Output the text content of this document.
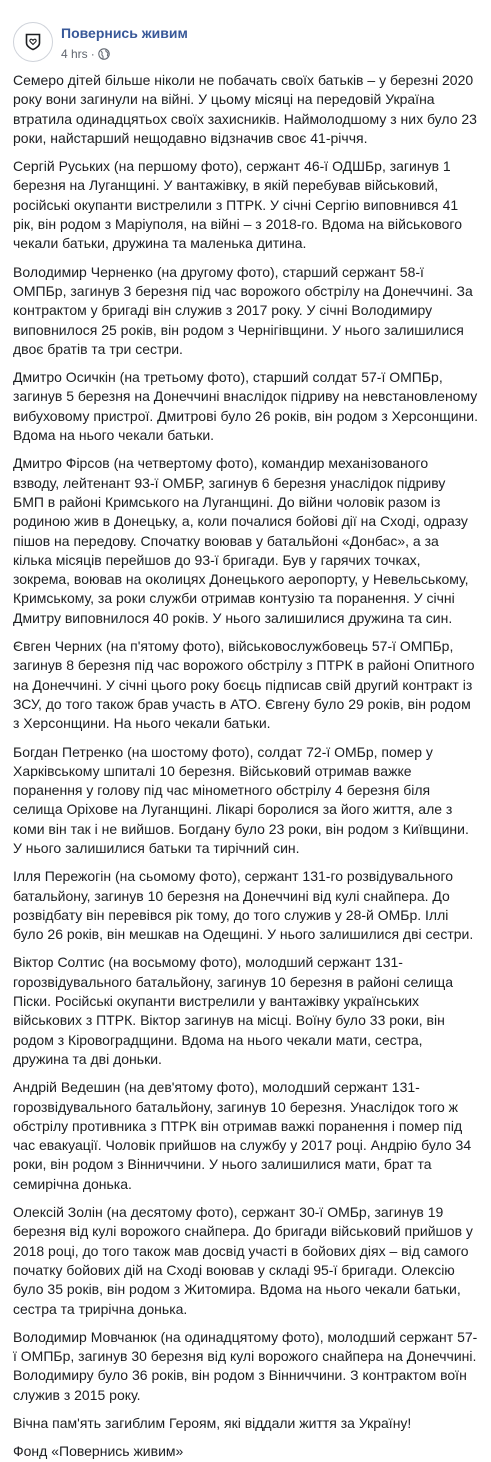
Повернись живим
4 hrs ·

Семеро дітей більше ніколи не побачать своїх батьків – у березні 2020 року вони загинули на війні. У цьому місяці на передовій Україна втратила одинадцятьох своїх захисників. Наймолодшому з них було 23 роки, найстарший нещодавно відзначив своє 41-річчя.

Сергій Руських (на першому фото), сержант 46-ї ОДШБр, загинув 1 березня на Луганщині. У вантажівку, в якій перебував військовий, російські окупанти вистрелили з ПТРК. У січні Сергію виповнився 41 рік, він родом з Маріуполя, на війні – з 2018-го. Вдома на військового чекали батьки, дружина та маленька дитина.

Володимир Черненко (на другому фото), старший сержант 58-ї ОМПБр, загинув 3 березня під час ворожого обстрілу на Донеччині. За контрактом у бригаді він служив з 2017 року. У січні Володимиру виповнилося 25 років, він родом з Чернігівщини. У нього залишилися двоє братів та три сестри.

Дмитро Осичкін (на третьому фото), старший солдат 57-ї ОМПБр, загинув 5 березня на Донеччині внаслідок підриву на невстановленому вибуховому пристрої. Дмитрові було 26 років, він родом з Херсонщини. Вдома на нього чекали батьки.

Дмитро Фірсов (на четвертому фото), командир механізованого взводу, лейтенант 93-ї ОМБР, загинув 6 березня унаслідок підриву БМП в районі Кримського на Луганщині. До війни чоловік разом із родиною жив в Донецьку, а, коли почалися бойові дії на Сході, одразу пішов на передову. Спочатку воював у батальйоні «Донбас», а за кілька місяців перейшов до 93-ї бригади. Був у гарячих точках, зокрема, воював на околицях Донецького аеропорту, у Невельському, Кримському, за роки служби отримав контузію та поранення. У січні Дмитру виповнилося 40 років. У нього залишилися дружина та син.

Євген Черних (на п'ятому фото), військовослужбовець 57-ї ОМПБр, загинув 8 березня під час ворожого обстрілу з ПТРК в районі Опитного на Донеччині. У січні цього року боєць підписав свій другий контракт із ЗСУ, до того також брав участь в АТО. Євгену було 29 років, він родом з Херсонщини. На нього чекали батьки.

Богдан Петренко (на шостому фото), солдат 72-ї ОМБр, помер у Харківському шпиталі 10 березня. Військовий отримав важке поранення у голову під час мінометного обстрілу 4 березня біля селища Оріхове на Луганщині. Лікарі боролися за його життя, але з коми він так і не вийшов. Богдану було 23 роки, він родом з Київщини. У нього залишилися батьки та тирічний син.

Ілля Пережогін (на сьомому фото), сержант 131-го розвідувального батальйону, загинув 10 березня на Донеччині від кулі снайпера. До розвідбату він перевівся рік тому, до того служив у 28-й ОМБр. Іллі було 26 років, він мешкав на Одещині. У нього залишилися дві сестри.

Віктор Солтис (на восьмому фото), молодший сержант 131-горозвідувального батальйону, загинув 10 березня в районі селища Піски. Російські окупанти вистрелили у вантажівку українських військових з ПТРК. Віктор загинув на місці. Воїну було 33 роки, він родом з Кіровоградщини. Вдома на нього чекали мати, сестра, дружина та дві доньки.

Андрій Ведешин (на дев'ятому фото), молодший сержант 131-горозвідувального батальйону, загинув 10 березня. Унаслідок того ж обстрілу противника з ПТРК він отримав важкі поранення і помер під час евакуації. Чоловік прийшов на службу у 2017 році. Андрію було 34 роки, він родом з Вінниччини. У нього залишилися мати, брат та семирічна донька.

Олексій Золін (на десятому фото), сержант 30-ї ОМБр, загинув 19 березня від кулі ворожого снайпера. До бригади військовий прийшов у 2018 році, до того також мав досвід участі в бойових діях – від самого початку бойових дій на Сході воював у складі 95-ї бригади. Олексію було 35 років, він родом з Житомира. Вдома на нього чекали батьки, сестра та трирічна донька.

Володимир Мовчанюк (на одинадцятому фото), молодший сержант 57-ї ОМПБр, загинув 30 березня від кулі ворожого снайпера на Донеччині. Володимиру було 36 років, він родом з Вінниччини. З контрактом воїн служив з 2015 року.

Вічна пам'ять загиблим Героям, які віддали життя за Україну!

Фонд «Повернись живим»
